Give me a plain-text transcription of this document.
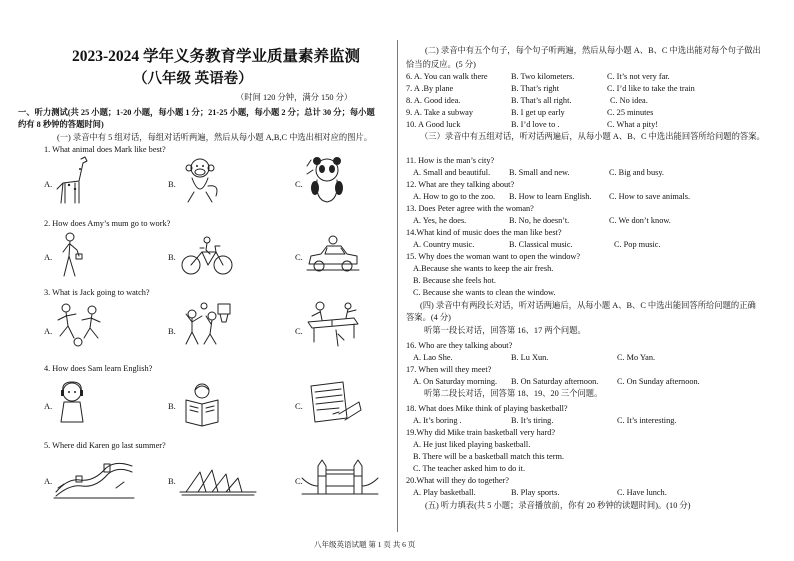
2023-2024 学年义务教育学业质量素养监测
（八年级 英语卷）
（时间 120 分钟，满分 150 分）
一、听力测试(共 25 小题；1-20 小题，每小题 1 分；21-25 小题，每小题 2 分；总计 30 分；每小题
约有 8 秒钟的答题时间)
(一) 录音中有 5 组对话，每组对话听两遍，然后从每小题 A,B,C 中选出相对应的图片。
1. What animal does Mark like best?
A.	B.	C.
2. How does Amy’s mum go to work?
A.	B.	C.
3. What is Jack going to watch?
A.	B.	C.
4. How does Sam learn English?
A.	B.	C.
5. Where did Karen go last summer?
A.	B.	C.
(二) 录音中有五个句子，每个句子听两遍，然后从每小题 A、B、C 中选出能对每个句子做出
恰当的反应。(5 分)
6. A. You can walk there	B. Two kilometers.	C. It’s not very far.
7. A .By plane	B. That’s right	C. I’d like to take the train
8. A. Good idea.	B. That’s all right.	C. No idea.
9. A. Take a subway	B. I get up early	C. 25 minutes
10. A Good luck	B. I’d love to .	C. What a pity!
（三）录音中有五组对话，听对话两遍后，从每小题 A、B、C 中选出能回答所给问题的答案。
11. How is the man’s city?
A. Small and beautiful. B. Small and new.	C. Big and busy.
12. What are they talking about?
A. How to go to the zoo. B. How to learn English. C. How to save animals.
13. Does Peter agree with the woman?
A. Yes, he does.	B. No, he doesn’t.	C. We don’t know.
14.What kind of music does the man like best?
A. Country music.	B. Classical music.	C. Pop music.
15. Why does the woman want to open the window?
A.Because she wants to keep the air fresh.
B. Because she feels hot.
C. Because she wants to clean the window.
(四) 录音中有两段长对话，听对话两遍后，从每小题 A、B、C 中选出能回答所给问题的正确
答案。(4 分)
听第一段长对话，回答第 16、17 两个问题。
16. Who are they talking about?
A. Lao She.	B. Lu Xun.	C. Mo Yan.
17. When will they meet?
A. On Saturday morning. B. On Saturday afternoon. C. On Sunday afternoon.
听第二段长对话，回答第 18、19、20 三个问题。
18. What does Mike think of playing basketball?
A. It’s boring .	B. It’s tiring.	C. It’s interesting.
19.Why did Mike train basketball very hard?
A. He just liked playing basketball.
B. There will be a basketball match this term.
C. The teacher asked him to do it.
20.What will they do together?
A. Play basketball.	B. Play sports.	C. Have lunch.
(五) 听力填表(共 5 小题；录音播放前，你有 20 秒钟的读题时间)。(10 分)
八年级英语试题 第 1 页 共 6 页
